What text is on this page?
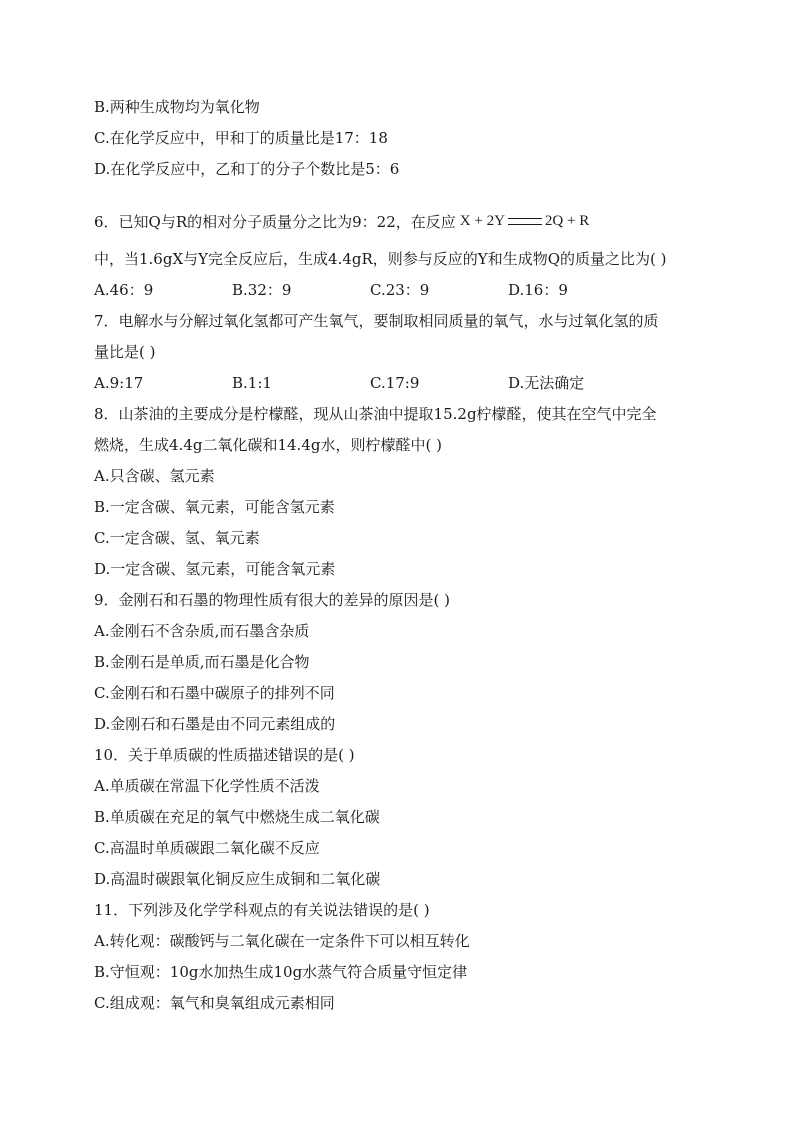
B.两种生成物均为氧化物
C.在化学反应中，甲和丁的质量比是17：18
D.在化学反应中，乙和丁的分子个数比是5：6
6．已知Q与R的相对分子质量分之比为9：22，在反应 X + 2Y	2Q + R
中，当1.6gX与Y完全反应后，生成4.4gR，则参与反应的Y和生成物Q的质量之比为( )
A.46：9	B.32：9	C.23：9	D.16：9
7．电解水与分解过氧化氢都可产生氧气，要制取相同质量的氧气，水与过氧化氢的质
量比是( )
A.9:17	B.1:1	C.17:9	D.无法确定
8．山茶油的主要成分是柠檬醛，现从山茶油中提取15.2g柠檬醛，使其在空气中完全
燃烧，生成4.4g二氧化碳和14.4g水，则柠檬醛中( )
A.只含碳、氢元素
B.一定含碳、氧元素，可能含氢元素
C.一定含碳、氢、氧元素
D.一定含碳、氢元素，可能含氧元素
9．金刚石和石墨的物理性质有很大的差异的原因是( )
A.金刚石不含杂质,而石墨含杂质
B.金刚石是单质,而石墨是化合物
C.金刚石和石墨中碳原子的排列不同
D.金刚石和石墨是由不同元素组成的
10．关于单质碳的性质描述错误的是( )
A.单质碳在常温下化学性质不活泼
B.单质碳在充足的氧气中燃烧生成二氧化碳
C.高温时单质碳跟二氧化碳不反应
D.高温时碳跟氧化铜反应生成铜和二氧化碳
11．下列涉及化学学科观点的有关说法错误的是( )
A.转化观：碳酸钙与二氧化碳在一定条件下可以相互转化
B.守恒观：10g水加热生成10g水蒸气符合质量守恒定律
C.组成观：氧气和臭氧组成元素相同
